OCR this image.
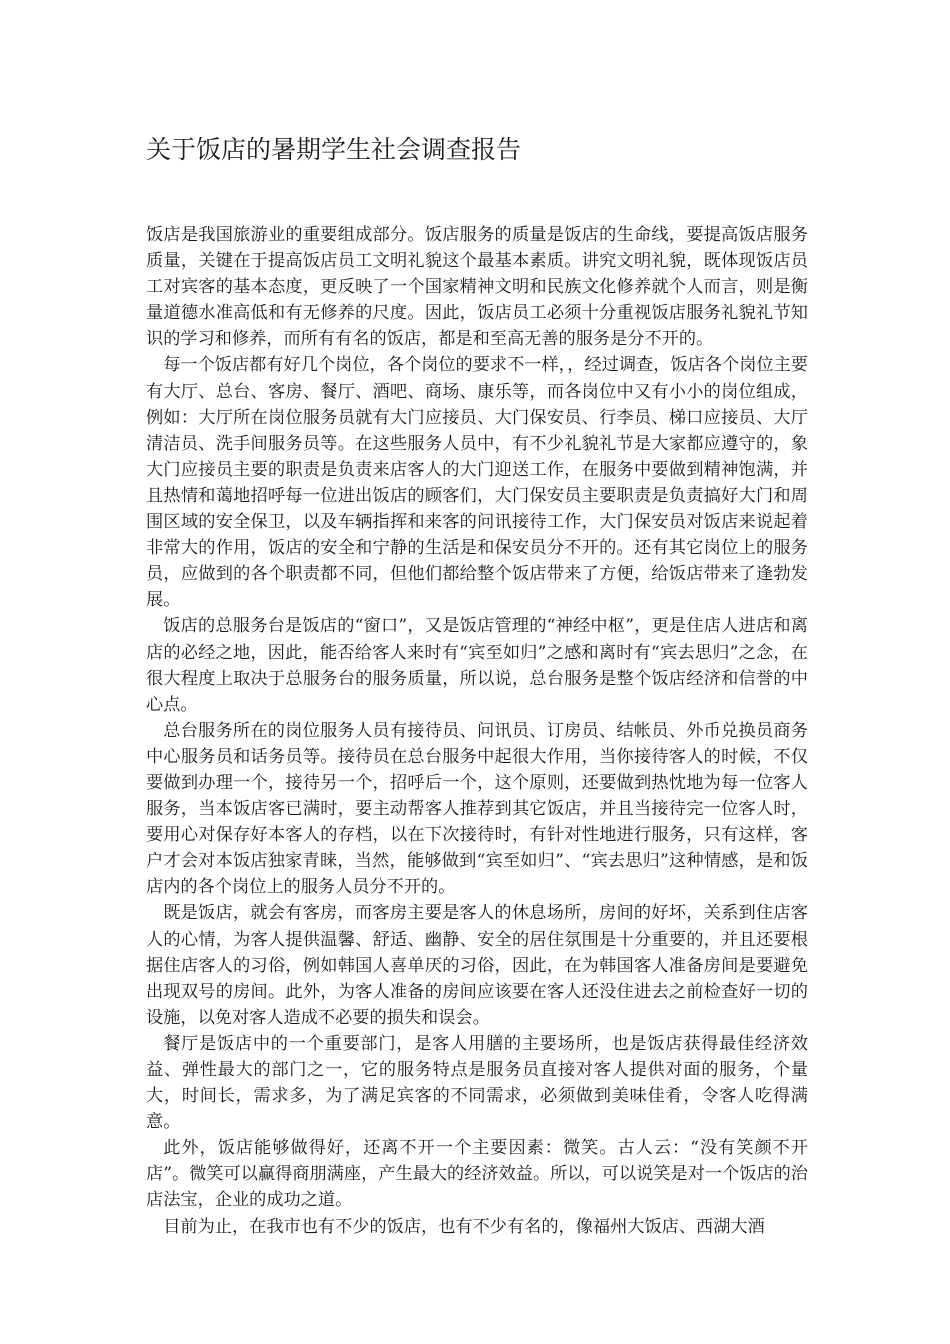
关于饭店的暑期学生社会调查报告

饭店是我国旅游业的重要组成部分。饭店服务的质量是饭店的生命线，要提高饭店服务质量，关键在于提高饭店员工文明礼貌这个最基本素质。讲究文明礼貌，既体现饭店员工对宾客的基本态度，更反映了一个国家精神文明和民族文化修养就个人而言，则是衡量道德水准高低和有无修养的尺度。因此，饭店员工必须十分重视饭店服务礼貌礼节知识的学习和修养，而所有有名的饭店，都是和至高无善的服务是分不开的。

每一个饭店都有好几个岗位，各个岗位的要求不一样，，经过调查，饭店各个岗位主要有大厅、总台、客房、餐厅、酒吧、商场、康乐等，而各岗位中又有小小的岗位组成，例如：大厅所在岗位服务员就有大门应接员、大门保安员、行李员、梯口应接员、大厅清洁员、洗手间服务员等。在这些服务人员中，有不少礼貌礼节是大家都应遵守的，象大门应接员主要的职责是负责来店客人的大门迎送工作，在服务中要做到精神饱满，并且热情和蔼地招呼每一位进出饭店的顾客们，大门保安员主要职责是负责搞好大门和周围区域的安全保卫，以及车辆指挥和来客的问讯接待工作，大门保安员对饭店来说起着非常大的作用，饭店的安全和宁静的生活是和保安员分不开的。还有其它岗位上的服务员，应做到的各个职责都不同，但他们都给整个饭店带来了方便，给饭店带来了逢勃发展。

饭店的总服务台是饭店的“窗口”，又是饭店管理的“神经中枢”，更是住店人进店和离店的必经之地，因此，能否给客人来时有“宾至如归”之感和离时有“宾去思归”之念，在很大程度上取决于总服务台的服务质量，所以说，总台服务是整个饭店经济和信誉的中心点。

总台服务所在的岗位服务人员有接待员、问讯员、订房员、结帐员、外币兑换员商务中心服务员和话务员等。接待员在总台服务中起很大作用，当你接待客人的时候，不仅要做到办理一个，接待另一个，招呼后一个，这个原则，还要做到热忱地为每一位客人服务，当本饭店客已满时，要主动帮客人推荐到其它饭店，并且当接待完一位客人时，要用心对保存好本客人的存档，以在下次接待时，有针对性地进行服务，只有这样，客户才会对本饭店独家青睐，当然，能够做到“宾至如归”、“宾去思归”这种情感，是和饭店内的各个岗位上的服务人员分不开的。

既是饭店，就会有客房，而客房主要是客人的休息场所，房间的好坏，关系到住店客人的心情，为客人提供温馨、舒适、幽静、安全的居住氛围是十分重要的，并且还要根据住店客人的习俗，例如韩国人喜单厌的习俗，因此，在为韩国客人准备房间是要避免出现双号的房间。此外，为客人准备的房间应该要在客人还没住进去之前检查好一切的设施，以免对客人造成不必要的损失和误会。

餐厅是饭店中的一个重要部门，是客人用膳的主要场所，也是饭店获得最佳经济效益、弹性最大的部门之一，它的服务特点是服务员直接对客人提供对面的服务，个量大，时间长，需求多，为了满足宾客的不同需求，必须做到美味佳肴，令客人吃得满意。

此外，饭店能够做得好，还离不开一个主要因素：微笑。古人云：“没有笑颜不开店”。微笑可以赢得商朋满座，产生最大的经济效益。所以，可以说笑是对一个饭店的治店法宝，企业的成功之道。

目前为止，在我市也有不少的饭店，也有不少有名的，像福州大饭店、西湖大酒
